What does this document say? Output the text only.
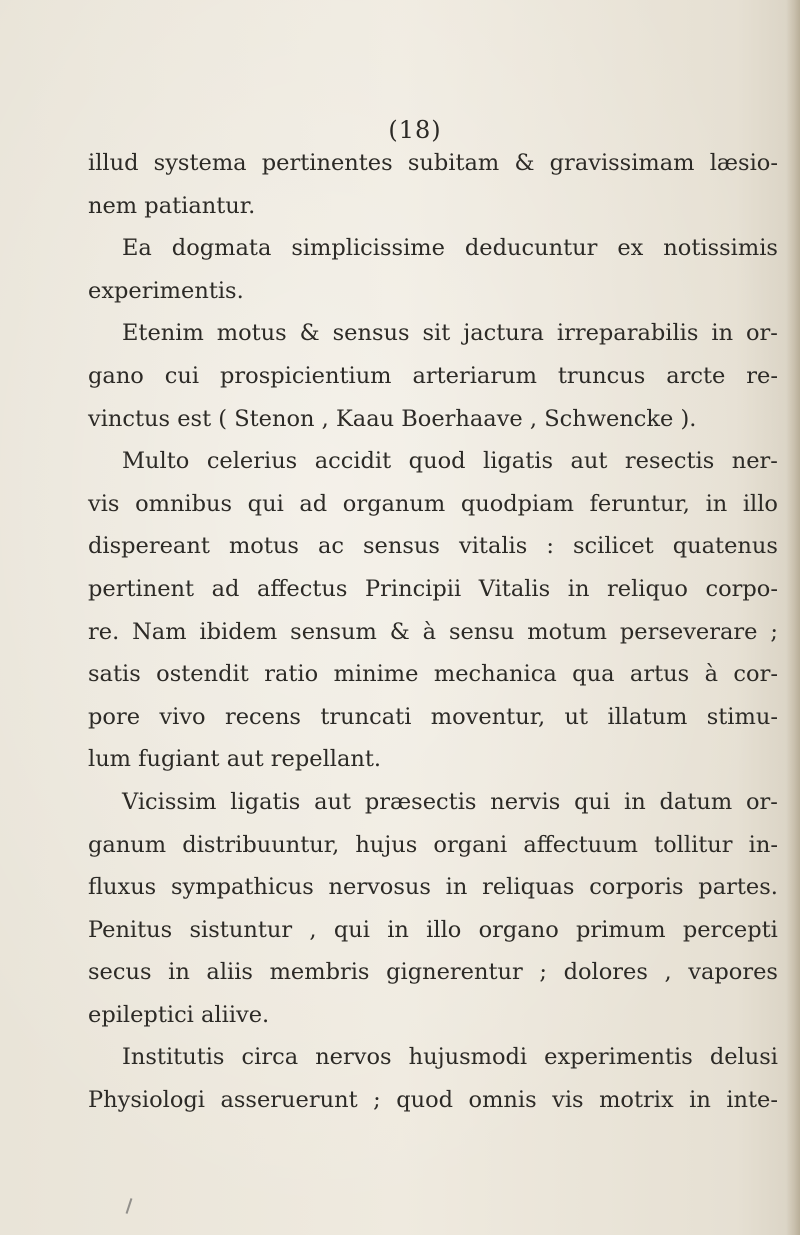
(18)
illud systema pertinentes subitam & gravissimam læsio-
nem patiantur.
Ea dogmata simplicissime deducuntur ex notissimis
experimentis.
Etenim motus & sensus sit jactura irreparabilis in or-
gano cui prospicientium arteriarum truncus arcte re-
vinctus est ( Stenon , Kaau Boerhaave , Schwencke ).
Multo celerius accidit quod ligatis aut resectis ner-
vis omnibus qui ad organum quodpiam feruntur, in illo
dispereant motus ac sensus vitalis : scilicet quatenus
pertinent ad affectus Principii Vitalis in reliquo corpo-
re. Nam ibidem sensum & à sensu motum perseverare ;
satis ostendit ratio minime mechanica qua artus à cor-
pore vivo recens truncati moventur, ut illatum stimu-
lum fugiant aut repellant.
Vicissim ligatis aut præsectis nervis qui in datum or-
ganum distribuuntur, hujus organi affectuum tollitur in-
fluxus sympathicus nervosus in reliquas corporis partes.
Penitus sistuntur , qui in illo organo primum percepti
secus in aliis membris gignerentur ; dolores , vapores
epileptici aliive.
Institutis circa nervos hujusmodi experimentis delusi
Physiologi asseruerunt ; quod omnis vis motrix in inte-
